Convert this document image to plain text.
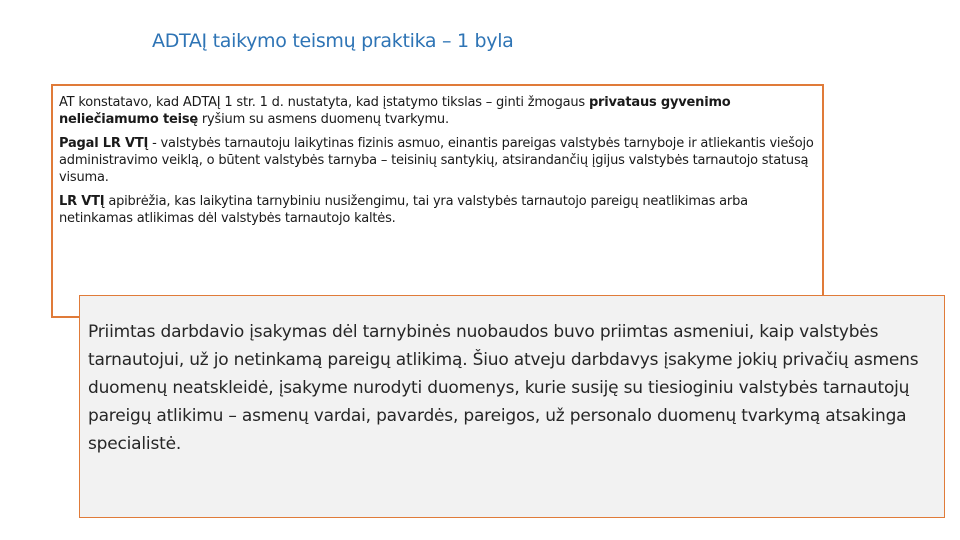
ADTAĮ taikymo teismų praktika – 1 byla

AT konstatavo, kad ADTAĮ 1 str. 1 d. nustatyta, kad įstatymo tikslas – ginti žmogaus privataus gyvenimo neliečiamumo teisę ryšium su asmens duomenų tvarkymu.

Pagal LR VTĮ - valstybės tarnautoju laikytinas fizinis asmuo, einantis pareigas valstybės tarnyboje ir atliekantis viešojo administravimo veiklą, o būtent valstybės tarnyba – teisinių santykių, atsirandančių įgijus valstybės tarnautojo statusą visuma.

LR VTĮ apibrėžia, kas laikytina tarnybiniu nusižengimu, tai yra valstybės tarnautojo pareigų neatlikimas arba netinkamas atlikimas dėl valstybės tarnautojo kaltės.

Priimtas darbdavio įsakymas dėl tarnybinės nuobaudos buvo priimtas asmeniui, kaip valstybės tarnautojui, už jo netinkamą pareigų atlikimą. Šiuo atveju darbdavys įsakyme jokių privačių asmens duomenų neatskleidė, įsakyme nurodyti duomenys, kurie susiję su tiesioginiu valstybės tarnautojų pareigų atlikimu – asmenų vardai, pavardės, pareigos, už personalo duomenų tvarkymą atsakinga specialistė.
